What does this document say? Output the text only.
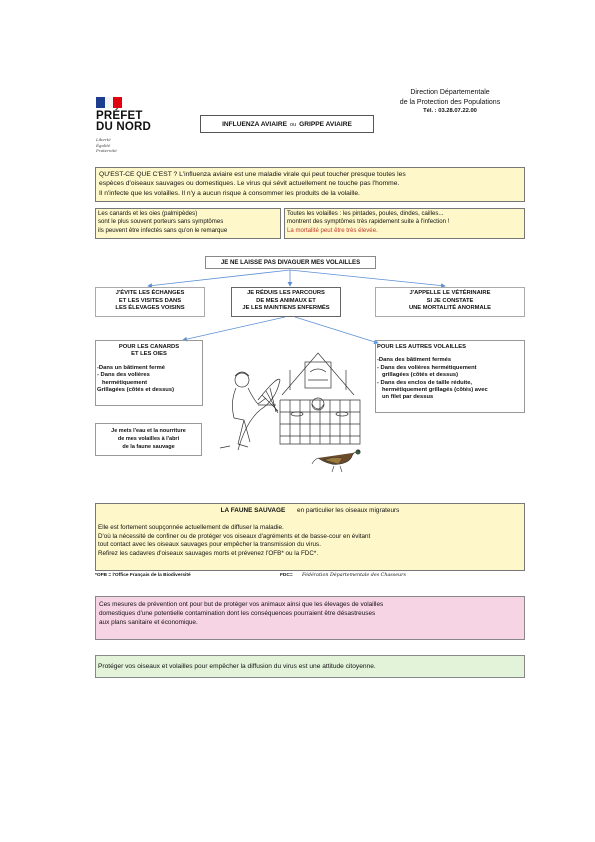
PRÉFET
DU NORD
Liberté
Égalité
Fraternité
Direction Départementale
de la Protection des Populations
Tél. : 03.28.07.22.00
INFLUENZA AVIAIRE ou GRIPPE AVIAIRE
QU'EST-CE QUE C'EST ? L'influenza aviaire est une maladie virale qui peut toucher presque toutes les
espèces d'oiseaux sauvages ou domestiques. Le virus qui sévit actuellement ne touche pas l'homme.
Il n'infecte que les volailles. Il n'y a aucun risque à consommer les produits de la volaille.
Les canards et les oies (palmipèdes)
sont le plus souvent porteurs sans symptômes
ils peuvent être infectés sans qu'on le remarque
Toutes les volailles : les pintades, poules, dindes, cailles...
montrent des symptômes très rapidement suite à l'infection !
La mortalité peut être très élevée.
JE NE LAISSE PAS DIVAGUER MES VOLAILLES
J'ÉVITE LES ÉCHANGES
ET LES VISITES DANS
LES ÉLEVAGES VOISINS
JE RÉDUIS LES PARCOURS
DE MES ANIMAUX ET
JE LES MAINTIENS ENFERMÉS
J'APPELLE LE VÉTÉRINAIRE
SI JE CONSTATE
UNE MORTALITÉ ANORMALE
POUR LES CANARDS
ET LES OIES
-Dans un bâtiment fermé
- Dans des volières
hermétiquement
Grillagées (côtés et dessus)
POUR LES AUTRES VOLAILLES
-Dans des bâtiment fermés
- Dans des volières hermétiquement
grillagées (côtés et dessus)
- Dans des enclos de taille réduite,
hermétiquement grillagés (côtés) avec
un filet par dessus
Je mets l'eau et la nourriture
de mes volailles à l'abri
de la faune sauvage
LA FAUNE SAUVAGE en particulier les oiseaux migrateurs
Elle est fortement soupçonnée actuellement de diffuser la maladie.
D'où la nécessité de confiner ou de protéger vos oiseaux d'agréments et de basse-cour en évitant
tout contact avec les oiseaux sauvages pour empêcher la transmission du virus.
Refirez les cadavres d'oiseaux sauvages morts et prévenez l'OFB* ou la FDC*.
*OFB = l'Office Français de la Biodiversité	FDC= Fédération Départementale des Chasseurs
Ces mesures de prévention ont pour but de protéger vos animaux ainsi que les élevages de volailles
domestiques d'une potentielle contamination dont les conséquences pourraient être désastreuses
aux plans sanitaire et économique.
Protéger vos oiseaux et volailles pour empêcher la diffusion du virus est une attitude citoyenne.
